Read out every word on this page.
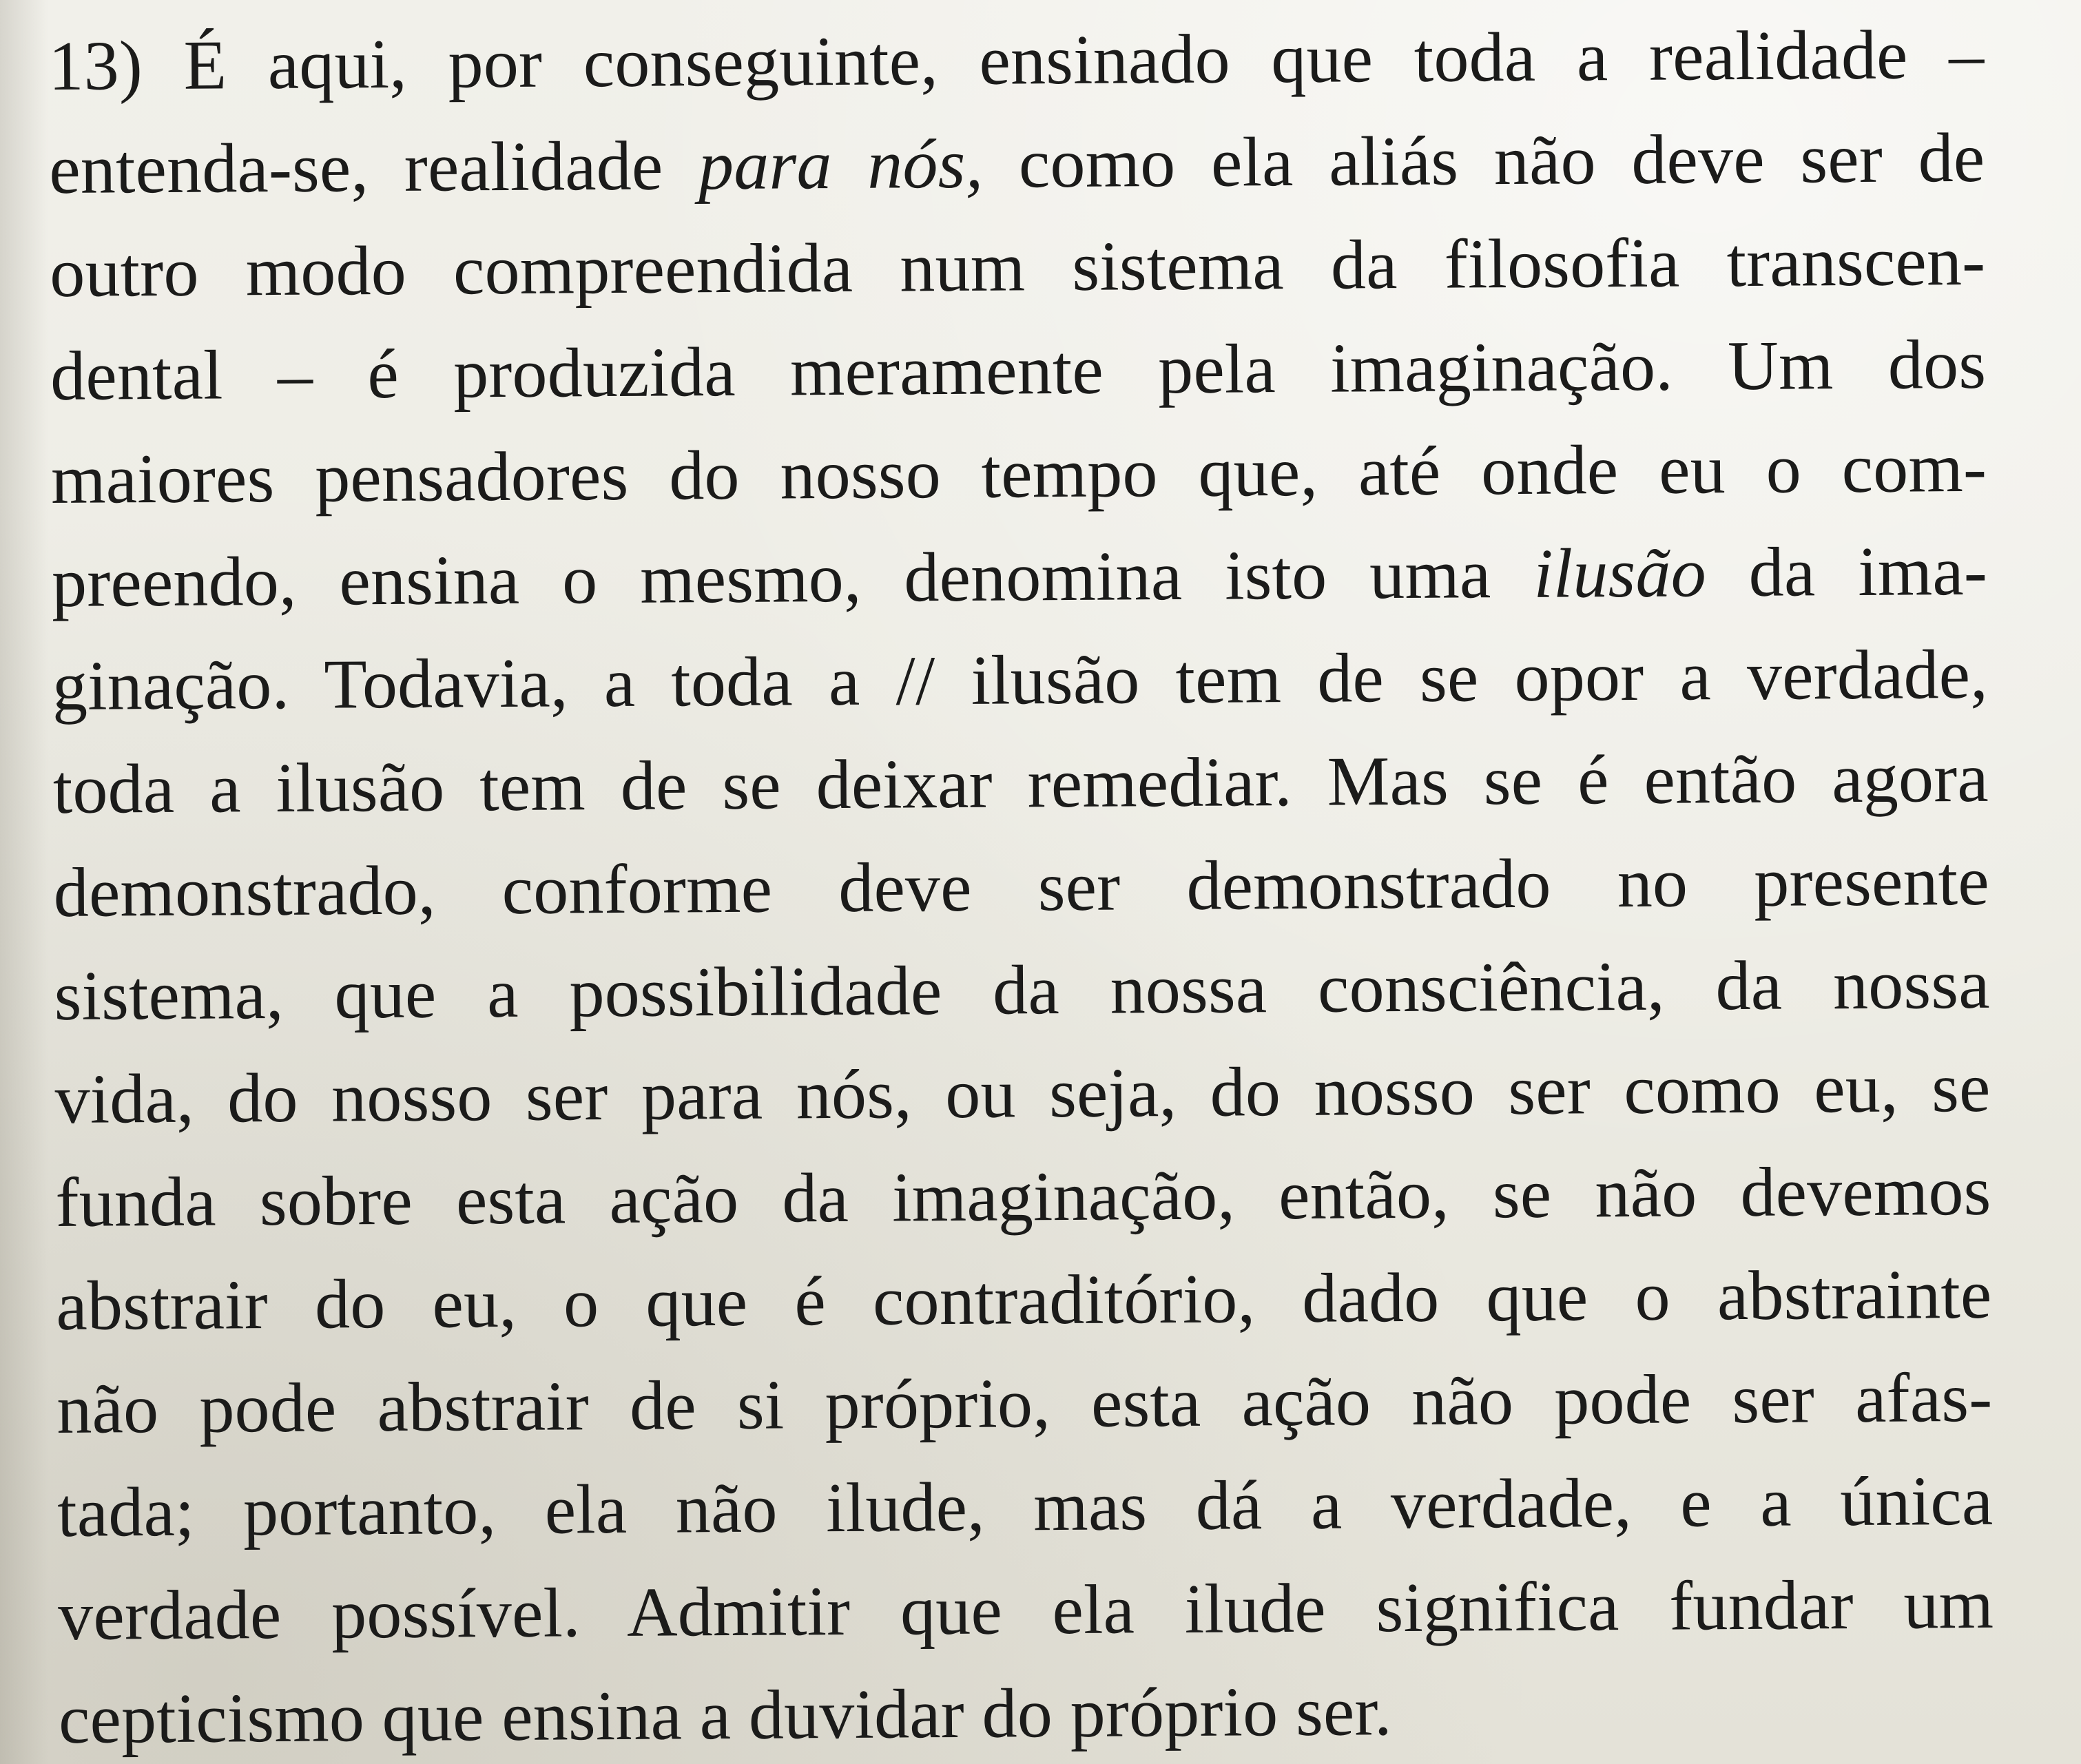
13) É aqui, por conseguinte, ensinado que toda a realidade –
entenda-se, realidade para nós, como ela aliás não deve ser de
outro modo compreendida num sistema da filosofia transcen-
dental – é produzida meramente pela imaginação. Um dos
maiores pensadores do nosso tempo que, até onde eu o com-
preendo, ensina o mesmo, denomina isto uma ilusão da ima-
ginação. Todavia, a toda a // ilusão tem de se opor a verdade,
toda a ilusão tem de se deixar remediar. Mas se é então agora
demonstrado, conforme deve ser demonstrado no presente
sistema, que a possibilidade da nossa consciência, da nossa
vida, do nosso ser para nós, ou seja, do nosso ser como eu, se
funda sobre esta ação da imaginação, então, se não devemos
abstrair do eu, o que é contraditório, dado que o abstrainte
não pode abstrair de si próprio, esta ação não pode ser afas-
tada; portanto, ela não ilude, mas dá a verdade, e a única
verdade possível. Admitir que ela ilude significa fundar um
cepticismo que ensina a duvidar do próprio ser.
